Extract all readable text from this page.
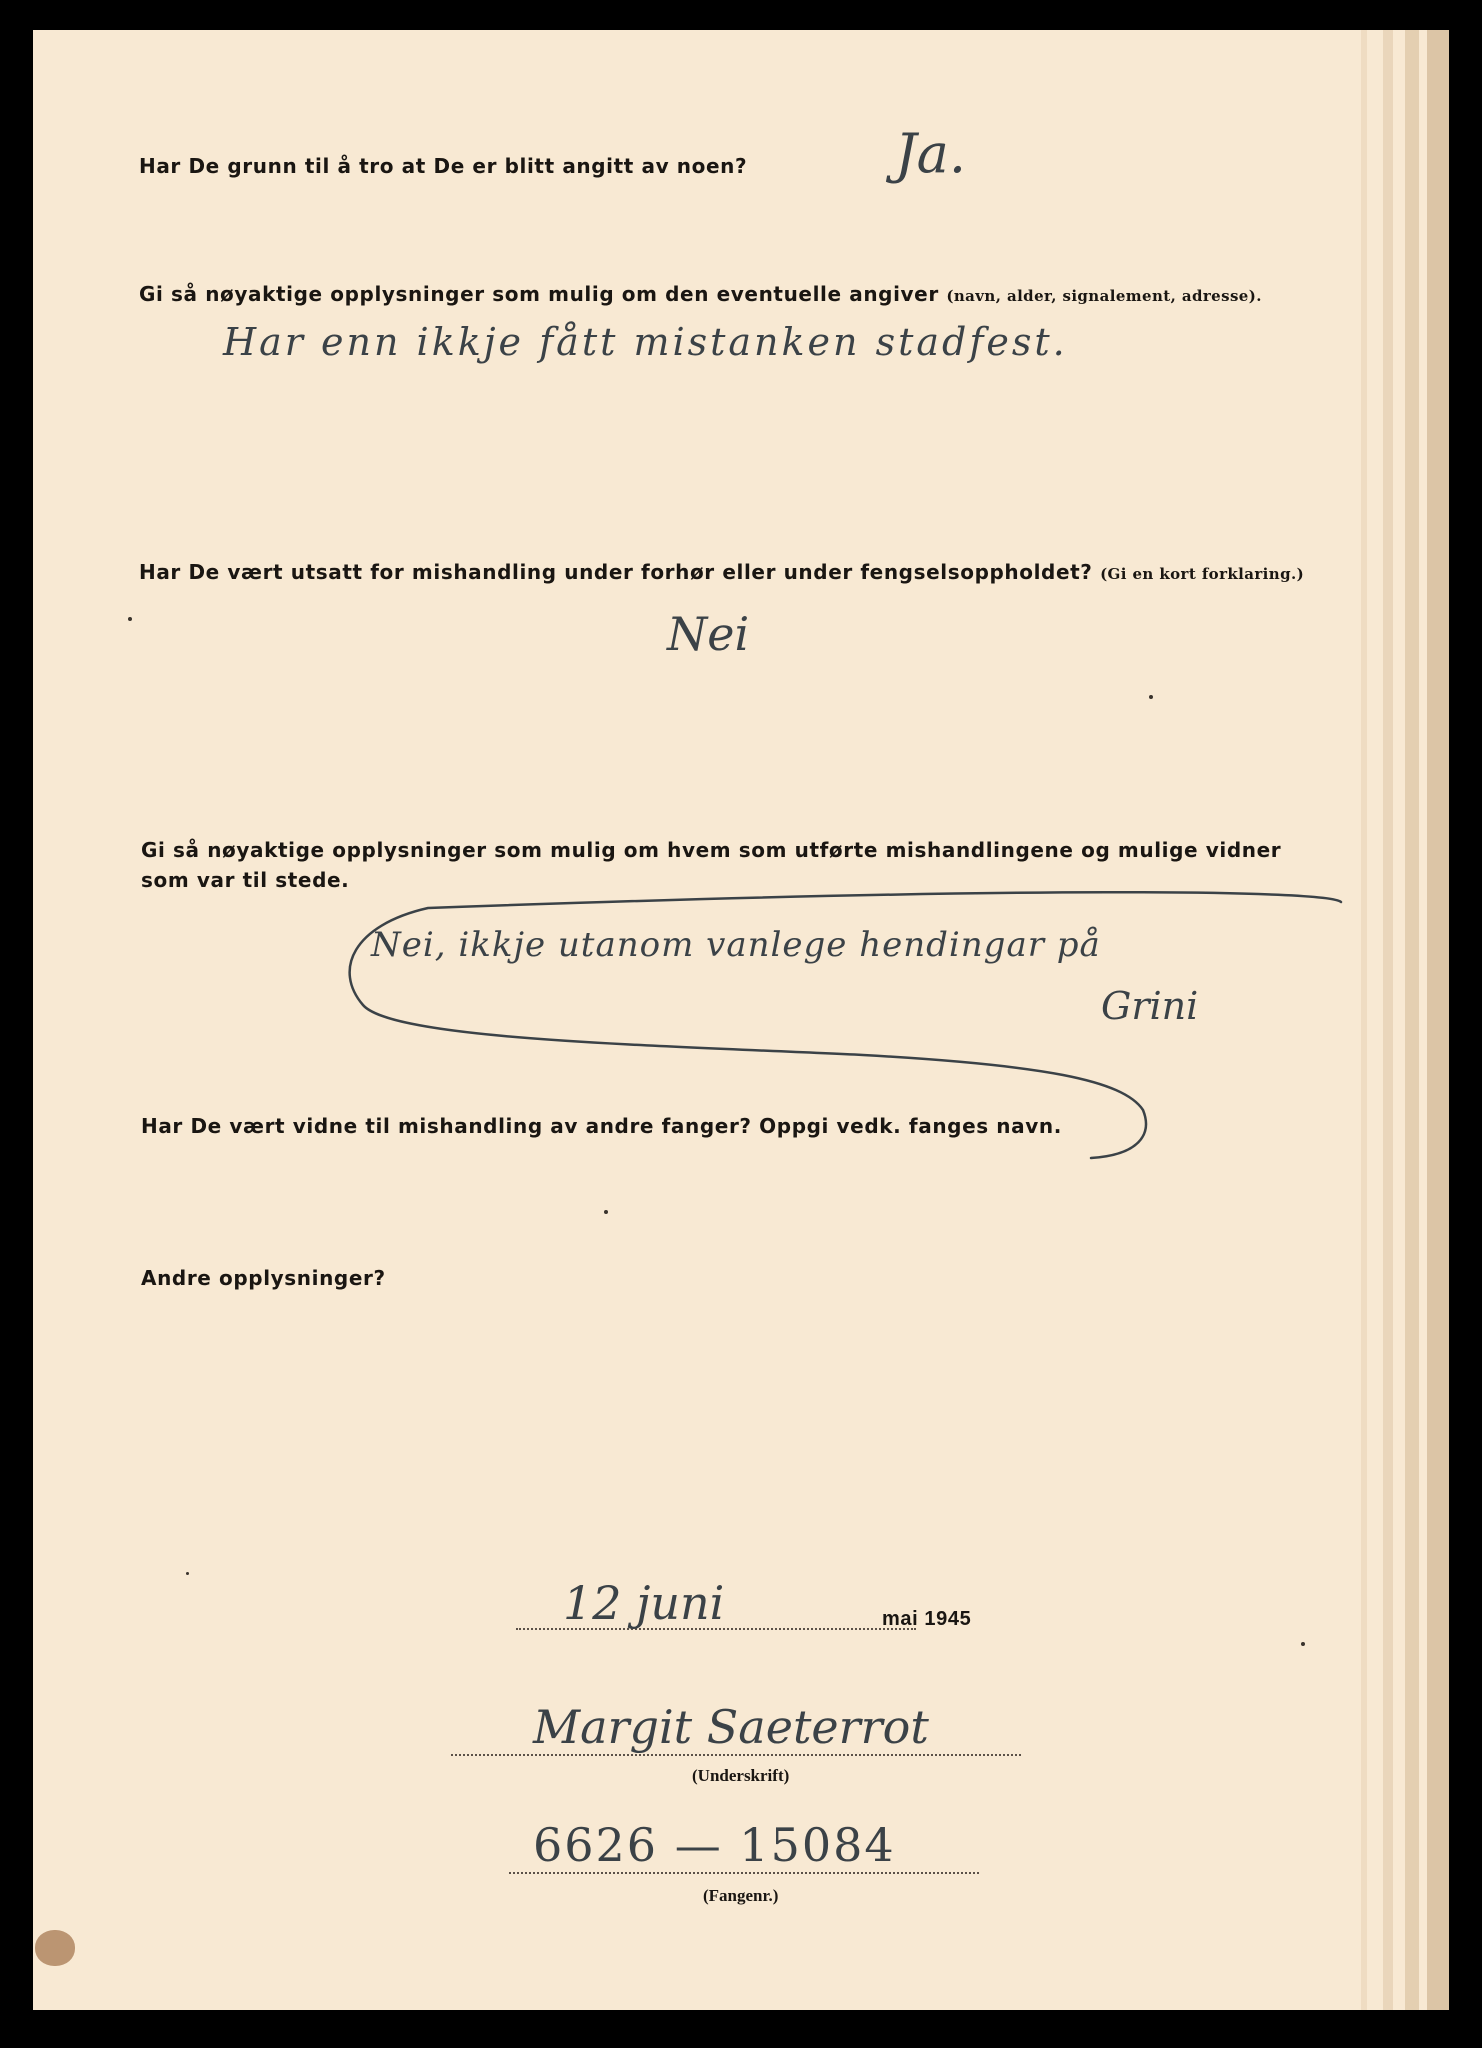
Har De grunn til å tro at De er blitt angitt av noen?	Ja.
Gi så nøyaktige opplysninger som mulig om den eventuelle angiver (navn, alder, signalement, adresse).
Har enn ikkje fått mistanken stadfest.
Har De vært utsatt for mishandling under forhør eller under fengselsoppholdet? (Gi en kort forklaring.)
Nei
Gi så nøyaktige opplysninger som mulig om hvem som utførte mishandlingene og mulige vidner
som var til stede.
Nei, ikkje utanom vanlege hendingar på
Grini
Har De vært vidne til mishandling av andre fanger? Oppgi vedk. fanges navn.
Andre opplysninger?
12 juni	mai 1945
Margit Saeterrot
(Underskrift)
6626 — 15084
(Fangenr.)
